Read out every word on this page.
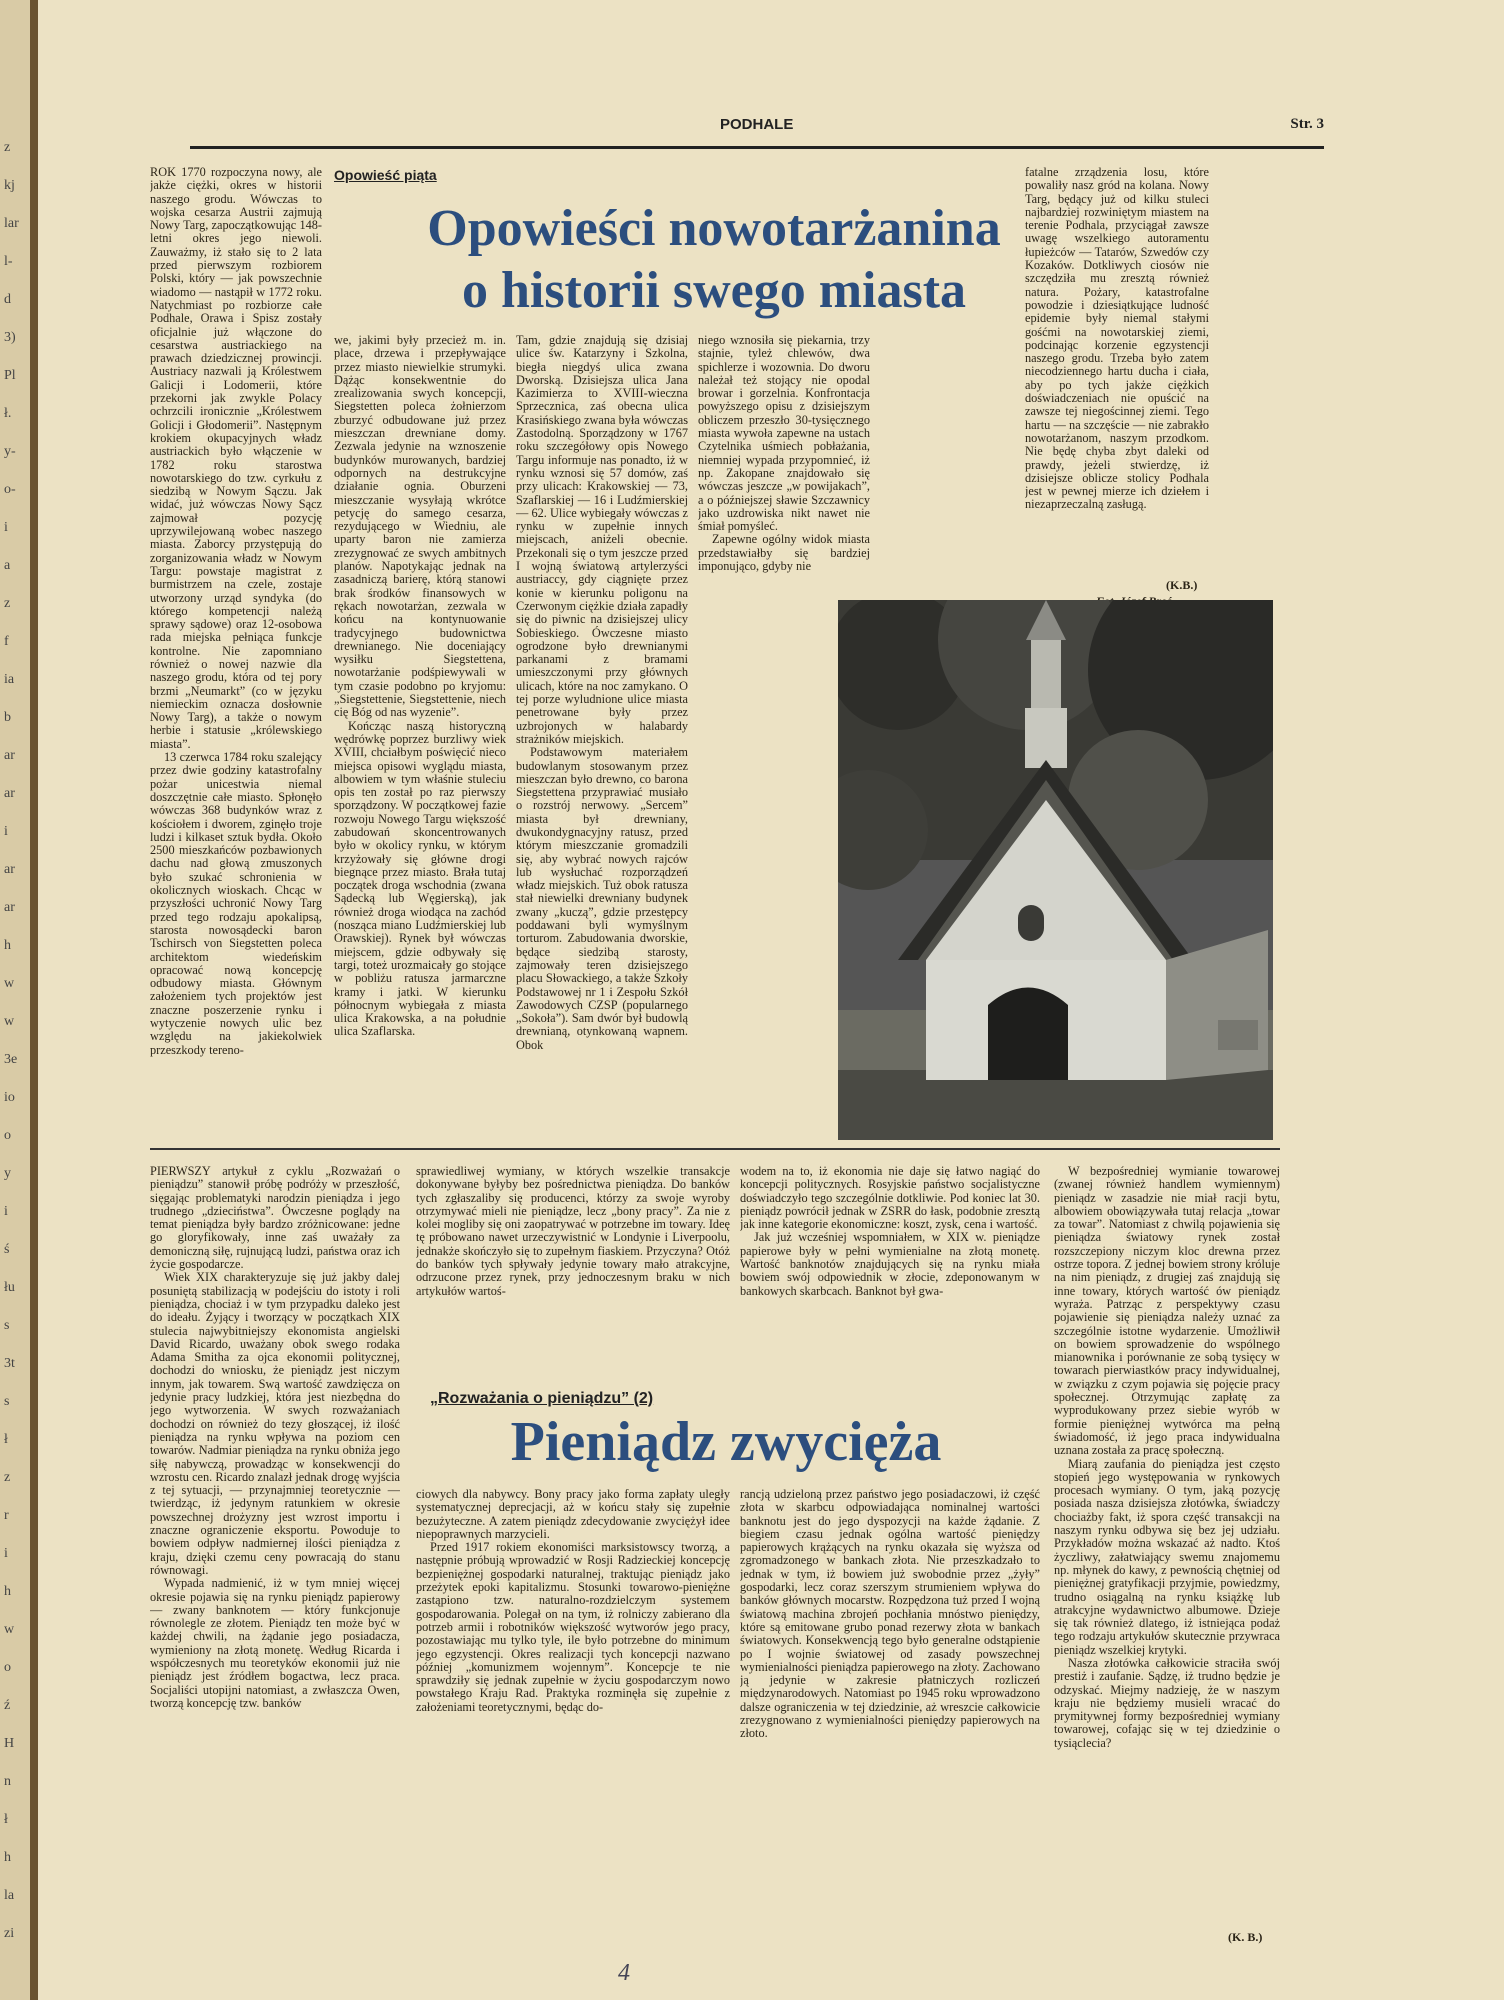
z
kj
lar
l-
d
3)
Pl
ł.
y-
o-
i
a
z
f
ia
b
ar
ar
i
ar
ar
h
w
w
3e
io
o
y
i
ś
łu
s
3t
s
ł
z
r
i
h
w
o
ź
H
n
ł
h
la
zi
PODHALE	Str. 3

ROK 1770 rozpoczyna nowy, ale jakże ciężki, okres w historii naszego grodu. Wówczas to wojska cesarza Austrii zajmują Nowy Targ, zapoczątkowując 148-letni okres jego niewoli. Zauważmy, iż stało się to 2 lata przed pierwszym rozbiorem Polski, który — jak powszechnie wiadomo — nastąpił w 1772 roku. Natychmiast po rozbiorze całe Podhale, Orawa i Spisz zostały oficjalnie już włączone do cesarstwa austriackiego na prawach dziedzicznej prowincji. Austriacy nazwali ją Królestwem Galicji i Lodomerii, które przekorni jak zwykle Polacy ochrzcili ironicznie „Królestwem Golicji i Głodomerii”. Następnym krokiem okupacyjnych władz austriackich było włączenie w 1782 roku starostwa nowotarskiego do tzw. cyrkułu z siedzibą w Nowym Sączu. Jak widać, już wówczas Nowy Sącz zajmował pozycję uprzywilejowaną wobec naszego miasta. Zaborcy przystępują do zorganizowania władz w Nowym Targu: powstaje magistrat z burmistrzem na czele, zostaje utworzony urząd syndyka (do którego kompetencji należą sprawy sądowe) oraz 12-osobowa rada miejska pełniąca funkcje kontrolne. Nie zapomniano również o nowej nazwie dla naszego grodu, która od tej pory brzmi „Neumarkt” (co w języku niemieckim oznacza dosłownie Nowy Targ), a także o nowym herbie i statusie „królewskiego miasta”.

13 czerwca 1784 roku szalejący przez dwie godziny katastrofalny pożar unicestwia niemal doszczętnie całe miasto. Spłonęło wówczas 368 budynków wraz z kościołem i dworem, zginęło troje ludzi i kilkaset sztuk bydła. Około 2500 mieszkańców pozbawionych dachu nad głową zmuszonych było szukać schronienia w okolicznych wioskach. Chcąc w przyszłości uchronić Nowy Targ przed tego rodzaju apokalipsą, starosta nowosądecki baron Tschirsch von Siegstetten poleca architektom wiedeńskim opracować nową koncepcję odbudowy miasta. Głównym założeniem tych projektów jest znaczne poszerzenie rynku i wytyczenie nowych ulic bez względu na jakiekolwiek przeszkody tereno-

Opowieść piąta
Opowieści nowotarżanina
o historii swego miasta

we, jakimi były przecież m. in. place, drzewa i przepływające przez miasto niewielkie strumyki. Dążąc konsekwentnie do zrealizowania swych koncepcji, Siegstetten poleca żołnierzom zburzyć odbudowane już przez mieszczan drewniane domy. Zezwala jedynie na wznoszenie budynków murowanych, bardziej odpornych na destrukcyjne działanie ognia. Oburzeni mieszczanie wysyłają wkrótce petycję do samego cesarza, rezydującego w Wiedniu, ale uparty baron nie zamierza zrezygnować ze swych ambitnych planów. Napotykając jednak na zasadniczą barierę, którą stanowi brak środków finansowych w rękach nowotarżan, zezwala w końcu na kontynuowanie tradycyjnego budownictwa drewnianego. Nie doceniający wysiłku Siegstettena, nowotarżanie podśpiewywali w tym czasie podobno po kryjomu: „Siegstettenie, Siegstettenie, niech cię Bóg od nas wyzenie”.

Kończąc naszą historyczną wędrówkę poprzez burzliwy wiek XVIII, chciałbym poświęcić nieco miejsca opisowi wyglądu miasta, albowiem w tym właśnie stuleciu opis ten został po raz pierwszy sporządzony. W początkowej fazie rozwoju Nowego Targu większość zabudowań skoncentrowanych było w okolicy rynku, w którym krzyżowały się główne drogi biegnące przez miasto. Brała tutaj początek droga wschodnia (zwana Sądecką lub Węgierską), jak również droga wiodąca na zachód (nosząca miano Ludźmierskiej lub Orawskiej). Rynek był wówczas miejscem, gdzie odbywały się targi, toteż urozmaicały go stojące w pobliżu ratusza jarmarczne kramy i jatki. W kierunku północnym wybiegała z miasta ulica Krakowska, a na południe ulica Szaflarska.

Tam, gdzie znajdują się dzisiaj ulice św. Katarzyny i Szkolna, biegła niegdyś ulica zwana Dworską. Dzisiejsza ulica Jana Kazimierza to XVIII-wieczna Sprzecznica, zaś obecna ulica Krasińskiego zwana była wówczas Zastodolną. Sporządzony w 1767 roku szczegółowy opis Nowego Targu informuje nas ponadto, iż w rynku wznosi się 57 domów, zaś przy ulicach: Krakowskiej — 73, Szaflarskiej — 16 i Ludźmierskiej — 62. Ulice wybiegały wówczas z rynku w zupełnie innych miejscach, aniżeli obecnie. Przekonali się o tym jeszcze przed I wojną światową artylerzyści austriaccy, gdy ciągnięte przez konie w kierunku poligonu na Czerwonym ciężkie działa zapadły się do piwnic na dzisiejszej ulicy Sobieskiego. Ówczesne miasto ogrodzone było drewnianymi parkanami z bramami umieszczonymi przy głównych ulicach, które na noc zamykano. O tej porze wyludnione ulice miasta penetrowane były przez uzbrojonych w halabardy strażników miejskich.

Podstawowym materiałem budowlanym stosowanym przez mieszczan było drewno, co barona Siegstettena przyprawiać musiało o rozstrój nerwowy. „Sercem” miasta był drewniany, dwukondygnacyjny ratusz, przed którym mieszczanie gromadzili się, aby wybrać nowych rajców lub wysłuchać rozporządzeń władz miejskich. Tuż obok ratusza stał niewielki drewniany budynek zwany „kuczą”, gdzie przestępcy poddawani byli wymyślnym torturom. Zabudowania dworskie, będące siedzibą starosty, zajmowały teren dzisiejszego placu Słowackiego, a także Szkoły Podstawowej nr 1 i Zespołu Szkół Zawodowych CZSP (popularnego „Sokoła”). Sam dwór był budowlą drewnianą, otynkowaną wapnem. Obok

niego wznosiła się piekarnia, trzy stajnie, tyleż chlewów, dwa spichlerze i wozownia. Do dworu należał też stojący nie opodal browar i gorzelnia. Konfrontacja powyższego opisu z dzisiejszym obliczem przeszło 30-tysięcznego miasta wywoła zapewne na ustach Czytelnika uśmiech pobłażania, niemniej wypada przypomnieć, iż np. Zakopane znajdowało się wówczas jeszcze „w powijakach”, a o późniejszej sławie Szczawnicy jako uzdrowiska nikt nawet nie śmiał pomyśleć.

Zapewne ogólny widok miasta przedstawiałby się bardziej imponująco, gdyby nie

fatalne zrządzenia losu, które powaliły nasz gród na kolana. Nowy Targ, będący już od kilku stuleci najbardziej rozwiniętym miastem na terenie Podhala, przyciągał zawsze uwagę wszelkiego autoramentu łupieżców — Tatarów, Szwedów czy Kozaków. Dotkliwych ciosów nie szczędziła mu zresztą również natura. Pożary, katastrofalne powodzie i dziesiątkujące ludność epidemie były niemal stałymi gośćmi na nowotarskiej ziemi, podcinając korzenie egzystencji naszego grodu. Trzeba było zatem niecodziennego hartu ducha i ciała, aby po tych jakże ciężkich doświadczeniach nie opuścić na zawsze tej niegościnnej ziemi. Tego hartu — na szczęście — nie zabrakło nowotarżanom, naszym przodkom. Nie będę chyba zbyt daleki od prawdy, jeżeli stwierdzę, iż dzisiejsze oblicze stolicy Podhala jest w pewnej mierze ich dziełem i niezaprzeczalną zasługą.

(K.B.)

PIERWSZY artykuł z cyklu „Rozważań o pieniądzu” stanowił próbę podróży w przeszłość, sięgając problematyki narodzin pieniądza i jego trudnego „dzieciństwa”. Ówczesne poglądy na temat pieniądza były bardzo zróżnicowane: jedne go gloryfikowały, inne zaś uważały za demoniczną siłę, rujnującą ludzi, państwa oraz ich życie gospodarcze.

Wiek XIX charakteryzuje się już jakby dalej posuniętą stabilizacją w podejściu do istoty i roli pieniądza, chociaż i w tym przypadku daleko jest do ideału. Żyjący i tworzący w początkach XIX stulecia najwybitniejszy ekonomista angielski David Ricardo, uważany obok swego rodaka Adama Smitha za ojca ekonomii politycznej, dochodzi do wniosku, że pieniądz jest niczym innym, jak towarem. Swą wartość zawdzięcza on jedynie pracy ludzkiej, która jest niezbędna do jego wytworzenia. W swych rozważaniach dochodzi on również do tezy głoszącej, iż ilość pieniądza na rynku wpływa na poziom cen towarów. Nadmiar pieniądza na rynku obniża jego siłę nabywczą, prowadząc w konsekwencji do wzrostu cen. Ricardo znalazł jednak drogę wyjścia z tej sytuacji, — przynajmniej teoretycznie — twierdząc, iż jedynym ratunkiem w okresie powszechnej drożyzny jest wzrost importu i znaczne ograniczenie eksportu. Powoduje to bowiem odpływ nadmiernej ilości pieniądza z kraju, dzięki czemu ceny powracają do stanu równowagi.

Wypada nadmienić, iż w tym mniej więcej okresie pojawia się na rynku pieniądz papierowy — zwany banknotem — który funkcjonuje równolegle ze złotem. Pieniądz ten może być w każdej chwili, na żądanie jego posiadacza, wymieniony na złotą monetę. Według Ricarda i współczesnych mu teoretyków ekonomii już nie pieniądz jest źródłem bogactwa, lecz praca. Socjaliści utopijni natomiast, a zwłaszcza Owen, tworzą koncepcję tzw. banków

sprawiedliwej wymiany, w których wszelkie transakcje dokonywane byłyby bez pośrednictwa pieniądza. Do banków tych zgłaszaliby się producenci, którzy za swoje wyroby otrzymywać mieli nie pieniądze, lecz „bony pracy”. Za nie z kolei mogliby się oni zaopatrywać w potrzebne im towary. Ideę tę próbowano nawet urzeczywistnić w Londynie i Liverpoolu, jednakże skończyło się to zupełnym fiaskiem. Przyczyna? Otóż do banków tych spływały jedynie towary mało atrakcyjne, odrzucone przez rynek, przy jednoczesnym braku w nich artykułów wartoś-

wodem na to, iż ekonomia nie daje się łatwo nagiąć do koncepcji politycznych. Rosyjskie państwo socjalistyczne doświadczyło tego szczególnie dotkliwie. Pod koniec lat 30. pieniądz powrócił jednak w ZSRR do łask, podobnie zresztą jak inne kategorie ekonomiczne: koszt, zysk, cena i wartość.

Jak już wcześniej wspomniałem, w XIX w. pieniądze papierowe były w pełni wymienialne na złotą monetę. Wartość banknotów znajdujących się na rynku miała bowiem swój odpowiednik w złocie, zdeponowanym w bankowych skarbcach. Banknot był gwa-

„Rozważania o pieniądzu” (2)
Pieniądz zwycięża

ciowych dla nabywcy. Bony pracy jako forma zapłaty uległy systematycznej deprecjacji, aż w końcu stały się zupełnie bezużyteczne. A zatem pieniądz zdecydowanie zwyciężył idee niepoprawnych marzycieli.

Przed 1917 rokiem ekonomiści marksistowscy tworzą, a następnie próbują wprowadzić w Rosji Radzieckiej koncepcję bezpieniężnej gospodarki naturalnej, traktując pieniądz jako przeżytek epoki kapitalizmu. Stosunki towarowo-pieniężne zastąpiono tzw. naturalno-rozdzielczym systemem gospodarowania. Polegał on na tym, iż rolniczy zabierano dla potrzeb armii i robotników większość wytworów jego pracy, pozostawiając mu tylko tyle, ile było potrzebne do minimum jego egzystencji. Okres realizacji tych koncepcji nazwano później „komunizmem wojennym”. Koncepcje te nie sprawdziły się jednak zupełnie w życiu gospodarczym nowo powstałego Kraju Rad. Praktyka rozminęła się zupełnie z założeniami teoretycznymi, będąc do-

rancją udzieloną przez państwo jego posiadaczowi, iż część złota w skarbcu odpowiadająca nominalnej wartości banknotu jest do jego dyspozycji na każde żądanie. Z biegiem czasu jednak ogólna wartość pieniędzy papierowych krążących na rynku okazała się wyższa od zgromadzonego w bankach złota. Nie przeszkadzało to jednak w tym, iż bowiem już swobodnie przez „żyły” gospodarki, lecz coraz szerszym strumieniem wpływa do banków głównych mocarstw. Rozpędzona tuż przed I wojną światową machina zbrojeń pochłania mnóstwo pieniędzy, które są emitowane grubo ponad rezerwy złota w bankach światowych. Konsekwencją tego było generalne odstąpienie po I wojnie światowej od zasady powszechnej wymienialności pieniądza papierowego na złoty. Zachowano ją jedynie w zakresie płatniczych rozliczeń międzynarodowych. Natomiast po 1945 roku wprowadzono dalsze ograniczenia w tej dziedzinie, aż wreszcie całkowicie zrezygnowano z wymienialności pieniędzy papierowych na złoto.

W bezpośredniej wymianie towarowej (zwanej również handlem wymiennym) pieniądz w zasadzie nie miał racji bytu, albowiem obowiązywała tutaj relacja „towar za towar”. Natomiast z chwilą pojawienia się pieniądza światowy rynek został rozszczepiony niczym kloc drewna przez ostrze topora. Z jednej bowiem strony króluje na nim pieniądz, z drugiej zaś znajdują się inne towary, których wartość ów pieniądz wyraża. Patrząc z perspektywy czasu pojawienie się pieniądza należy uznać za szczególnie istotne wydarzenie. Umożliwił on bowiem sprowadzenie do wspólnego mianownika i porównanie ze sobą tysięcy w towarach pierwiastków pracy indywidualnej, w związku z czym pojawia się pojęcie pracy społecznej. Otrzymując zapłatę za wyprodukowany przez siebie wyrób w formie pieniężnej wytwórca ma pełną świadomość, iż jego praca indywidualna uznana została za pracę społeczną.

Miarą zaufania do pieniądza jest często stopień jego występowania w rynkowych procesach wymiany. O tym, jaką pozycję posiada nasza dzisiejsza złotówka, świadczy chociażby fakt, iż spora część transakcji na naszym rynku odbywa się bez jej udziału. Przykładów można wskazać aż nadto. Ktoś życzliwy, załatwiający swemu znajomemu np. młynek do kawy, z pewnością chętniej od pieniężnej gratyfikacji przyjmie, powiedzmy, trudno osiągalną na rynku książkę lub atrakcyjne wydawnictwo albumowe. Dzieje się tak również dlatego, iż istniejąca podaż tego rodzaju artykułów skutecznie przywraca pieniądz wszelkiej krytyki.

Nasza złotówka całkowicie straciła swój prestiż i zaufanie. Sądzę, iż trudno będzie je odzyskać. Miejmy nadzieję, że w naszym kraju nie będziemy musieli wracać do prymitywnej formy bezpośredniej wymiany towarowej, cofając się w tej dziedzinie o tysiąclecia?

(K. B.)
4
